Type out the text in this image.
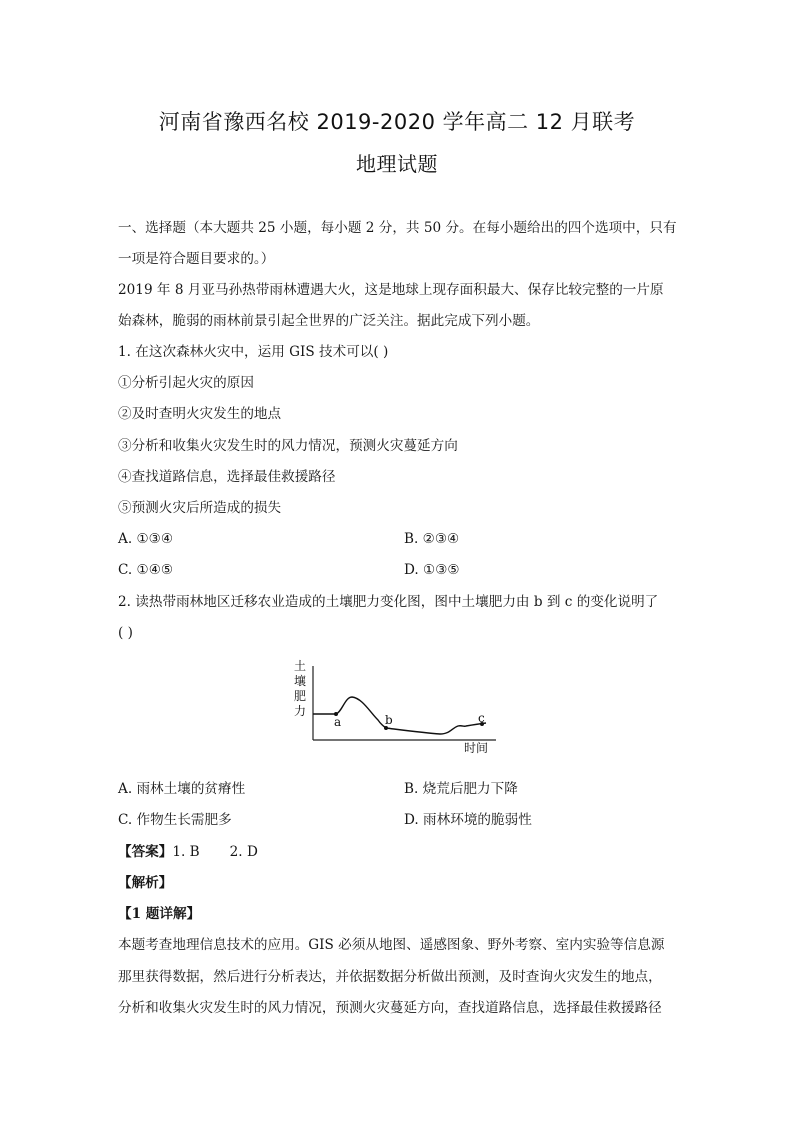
河南省豫西名校 2019-2020 学年高二 12 月联考
地理试题
一、选择题（本大题共 25 小题，每小题 2 分，共 50 分。在每小题给出的四个选项中，只有
一项是符合题目要求的。）
2019 年 8 月亚马孙热带雨林遭遇大火，这是地球上现存面积最大、保存比较完整的一片原
始森林，脆弱的雨林前景引起全世界的广泛关注。据此完成下列小题。
1. 在这次森林火灾中，运用 GIS 技术可以( )
①分析引起火灾的原因
②及时查明火灾发生的地点
③分析和收集火灾发生时的风力情况，预测火灾蔓延方向
④查找道路信息，选择最佳救援路径
⑤预测火灾后所造成的损失
A. ①③④	B. ②③④
C. ①④⑤	D. ①③⑤
2. 读热带雨林地区迁移农业造成的土壤肥力变化图，图中土壤肥力由 b 到 c 的变化说明了
( )
土
壤
肥
力
时间
a	b	c
A. 雨林土壤的贫瘠性	B. 烧荒后肥力下降
C. 作物生长需肥多	D. 雨林环境的脆弱性
【答案】1. B 2. D
【解析】
【1 题详解】
本题考查地理信息技术的应用。GIS 必须从地图、遥感图象、野外考察、室内实验等信息源
那里获得数据，然后进行分析表达，并依据数据分析做出预测，及时查询火灾发生的地点，
分析和收集火灾发生时的风力情况，预测火灾蔓延方向，查找道路信息，选择最佳救援路径
